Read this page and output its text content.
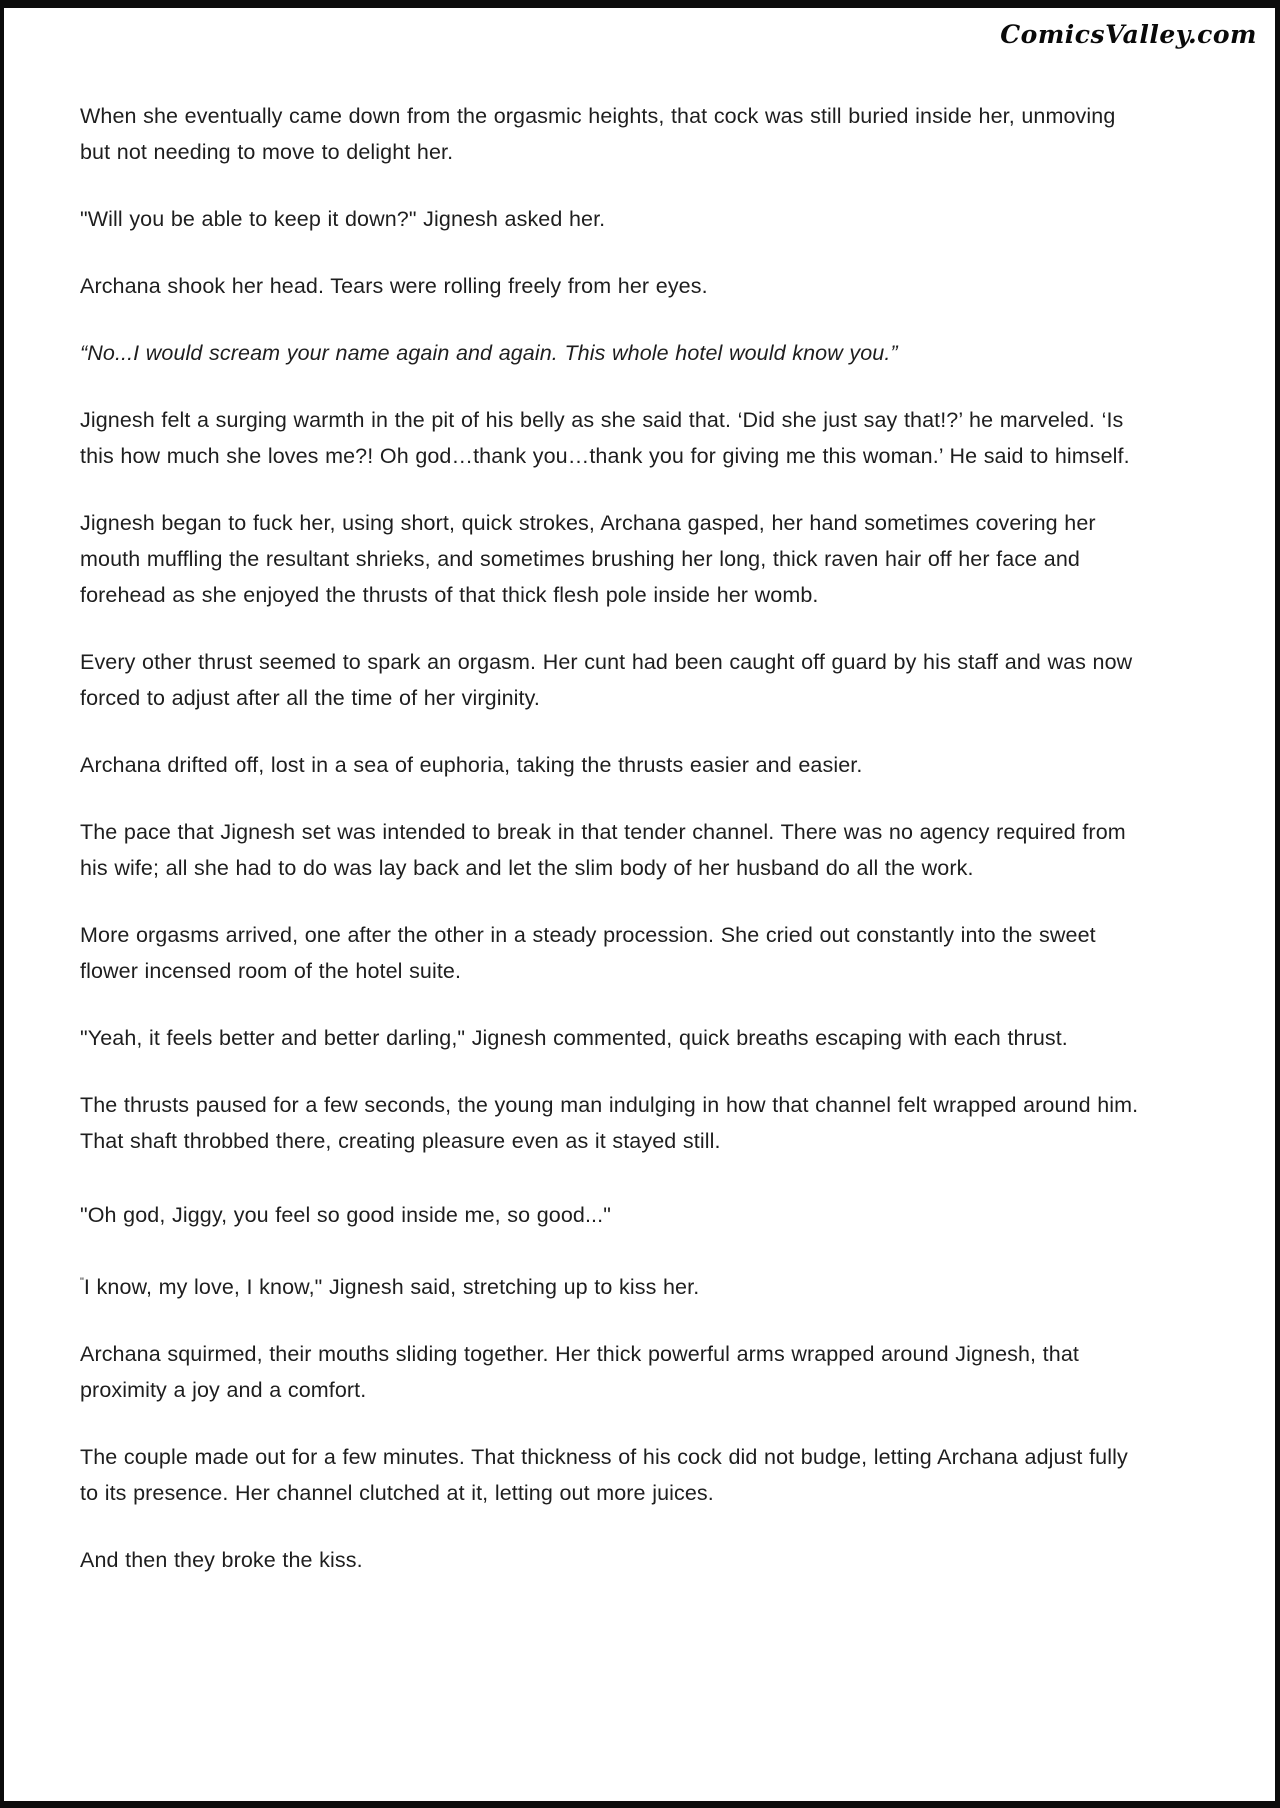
ComicsValley.com

When she eventually came down from the orgasmic heights, that cock was still buried inside her, unmoving but not needing to move to delight her.

"Will you be able to keep it down?" Jignesh asked her.

Archana shook her head. Tears were rolling freely from her eyes.

“No...I would scream your name again and again. This whole hotel would know you.”

Jignesh felt a surging warmth in the pit of his belly as she said that. ‘Did she just say that!?’ he marveled. ‘Is this how much she loves me?! Oh god…thank you…thank you for giving me this woman.’ He said to himself.

Jignesh began to fuck her, using short, quick strokes, Archana gasped, her hand sometimes covering her mouth muffling the resultant shrieks, and sometimes brushing her long, thick raven hair off her face and forehead as she enjoyed the thrusts of that thick flesh pole inside her womb.

Every other thrust seemed to spark an orgasm. Her cunt had been caught off guard by his staff and was now forced to adjust after all the time of her virginity.

Archana drifted off, lost in a sea of euphoria, taking the thrusts easier and easier.

The pace that Jignesh set was intended to break in that tender channel. There was no agency required from his wife; all she had to do was lay back and let the slim body of her husband do all the work.

More orgasms arrived, one after the other in a steady procession. She cried out constantly into the sweet flower incensed room of the hotel suite.

"Yeah, it feels better and better darling," Jignesh commented, quick breaths escaping with each thrust.

The thrusts paused for a few seconds, the young man indulging in how that channel felt wrapped around him. That shaft throbbed there, creating pleasure even as it stayed still.

"Oh god, Jiggy, you feel so good inside me, so good..."

"I know, my love, I know," Jignesh said, stretching up to kiss her.

Archana squirmed, their mouths sliding together. Her thick powerful arms wrapped around Jignesh, that proximity a joy and a comfort.

The couple made out for a few minutes. That thickness of his cock did not budge, letting Archana adjust fully to its presence. Her channel clutched at it, letting out more juices.

And then they broke the kiss.
